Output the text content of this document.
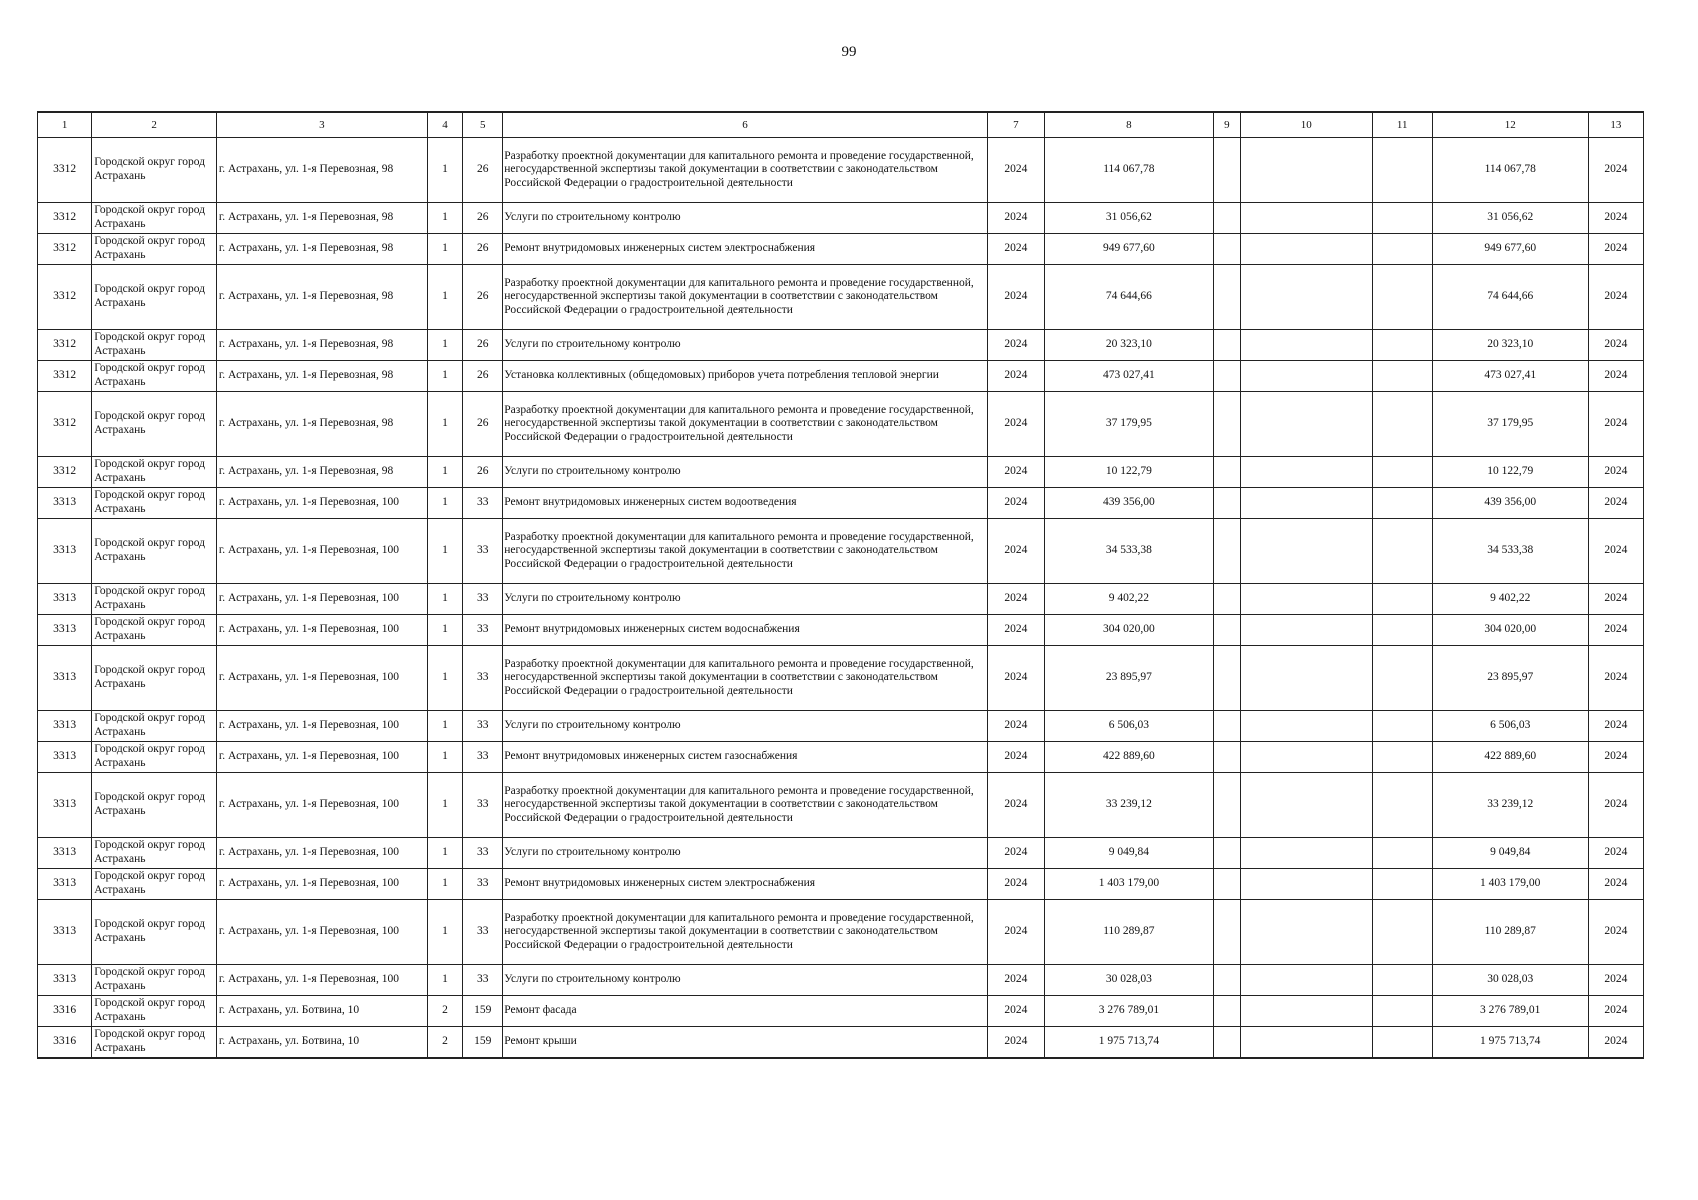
99
1	2	3	4	5	6	7	8	9	10	11	12	13
3312	Городской округ город Астрахань	г. Астрахань, ул. 1-я Перевозная, 98	1	26	Разработку проектной документации для капитального ремонта и проведение государственной, негосударственной экспертизы такой документации в соответствии с законодательством Российской Федерации о градостроительной деятельности	2024	114 067,78				114 067,78	2024
3312	Городской округ город Астрахань	г. Астрахань, ул. 1-я Перевозная, 98	1	26	Услуги по строительному контролю	2024	31 056,62				31 056,62	2024
3312	Городской округ город Астрахань	г. Астрахань, ул. 1-я Перевозная, 98	1	26	Ремонт внутридомовых инженерных систем электроснабжения	2024	949 677,60				949 677,60	2024
3312	Городской округ город Астрахань	г. Астрахань, ул. 1-я Перевозная, 98	1	26	Разработку проектной документации для капитального ремонта и проведение государственной, негосударственной экспертизы такой документации в соответствии с законодательством Российской Федерации о градостроительной деятельности	2024	74 644,66				74 644,66	2024
3312	Городской округ город Астрахань	г. Астрахань, ул. 1-я Перевозная, 98	1	26	Услуги по строительному контролю	2024	20 323,10				20 323,10	2024
3312	Городской округ город Астрахань	г. Астрахань, ул. 1-я Перевозная, 98	1	26	Установка коллективных (общедомовых) приборов учета потребления тепловой энергии	2024	473 027,41				473 027,41	2024
3312	Городской округ город Астрахань	г. Астрахань, ул. 1-я Перевозная, 98	1	26	Разработку проектной документации для капитального ремонта и проведение государственной, негосударственной экспертизы такой документации в соответствии с законодательством Российской Федерации о градостроительной деятельности	2024	37 179,95				37 179,95	2024
3312	Городской округ город Астрахань	г. Астрахань, ул. 1-я Перевозная, 98	1	26	Услуги по строительному контролю	2024	10 122,79				10 122,79	2024
3313	Городской округ город Астрахань	г. Астрахань, ул. 1-я Перевозная, 100	1	33	Ремонт внутридомовых инженерных систем водоотведения	2024	439 356,00				439 356,00	2024
3313	Городской округ город Астрахань	г. Астрахань, ул. 1-я Перевозная, 100	1	33	Разработку проектной документации для капитального ремонта и проведение государственной, негосударственной экспертизы такой документации в соответствии с законодательством Российской Федерации о градостроительной деятельности	2024	34 533,38				34 533,38	2024
3313	Городской округ город Астрахань	г. Астрахань, ул. 1-я Перевозная, 100	1	33	Услуги по строительному контролю	2024	9 402,22				9 402,22	2024
3313	Городской округ город Астрахань	г. Астрахань, ул. 1-я Перевозная, 100	1	33	Ремонт внутридомовых инженерных систем водоснабжения	2024	304 020,00				304 020,00	2024
3313	Городской округ город Астрахань	г. Астрахань, ул. 1-я Перевозная, 100	1	33	Разработку проектной документации для капитального ремонта и проведение государственной, негосударственной экспертизы такой документации в соответствии с законодательством Российской Федерации о градостроительной деятельности	2024	23 895,97				23 895,97	2024
3313	Городской округ город Астрахань	г. Астрахань, ул. 1-я Перевозная, 100	1	33	Услуги по строительному контролю	2024	6 506,03				6 506,03	2024
3313	Городской округ город Астрахань	г. Астрахань, ул. 1-я Перевозная, 100	1	33	Ремонт внутридомовых инженерных систем газоснабжения	2024	422 889,60				422 889,60	2024
3313	Городской округ город Астрахань	г. Астрахань, ул. 1-я Перевозная, 100	1	33	Разработку проектной документации для капитального ремонта и проведение государственной, негосударственной экспертизы такой документации в соответствии с законодательством Российской Федерации о градостроительной деятельности	2024	33 239,12				33 239,12	2024
3313	Городской округ город Астрахань	г. Астрахань, ул. 1-я Перевозная, 100	1	33	Услуги по строительному контролю	2024	9 049,84				9 049,84	2024
3313	Городской округ город Астрахань	г. Астрахань, ул. 1-я Перевозная, 100	1	33	Ремонт внутридомовых инженерных систем электроснабжения	2024	1 403 179,00				1 403 179,00	2024
3313	Городской округ город Астрахань	г. Астрахань, ул. 1-я Перевозная, 100	1	33	Разработку проектной документации для капитального ремонта и проведение государственной, негосударственной экспертизы такой документации в соответствии с законодательством Российской Федерации о градостроительной деятельности	2024	110 289,87				110 289,87	2024
3313	Городской округ город Астрахань	г. Астрахань, ул. 1-я Перевозная, 100	1	33	Услуги по строительному контролю	2024	30 028,03				30 028,03	2024
3316	Городской округ город Астрахань	г. Астрахань, ул. Ботвина, 10	2	159	Ремонт фасада	2024	3 276 789,01				3 276 789,01	2024
3316	Городской округ город Астрахань	г. Астрахань, ул. Ботвина, 10	2	159	Ремонт крыши	2024	1 975 713,74				1 975 713,74	2024
